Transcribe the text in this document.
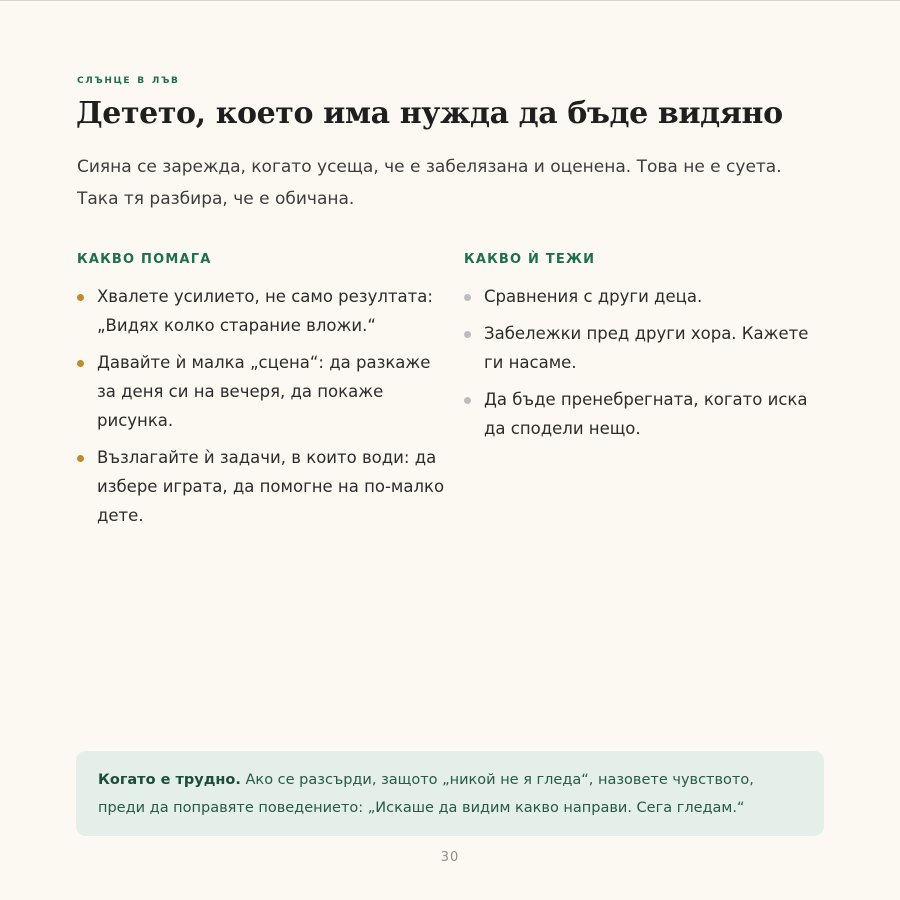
слънце в лъв
Детето, което има нужда да бъде видяно

Сияна се зарежда, когато усеща, че е забелязана и оценена. Това не е суета. Така тя разбира, че е обичана.

КАКВО ПОМАГА
Хвалете усилието, не само резултата: „Видях колко старание вложи.“
Давайте ѝ малка „сцена“: да разкаже за деня си на вечеря, да покаже рисунка.
Възлагайте ѝ задачи, в които води: да избере играта, да помогне на по-малко дете.
КАКВО Ѝ ТЕЖИ
Сравнения с други деца.
Забележки пред други хора. Кажете ги насаме.
Да бъде пренебрегната, когато иска да сподели нещо.
Когато е трудно. Ако се разсърди, защото „никой не я гледа“, назовете чувството, преди да поправяте поведението: „Искаше да видим какво направи. Сега гледам.“
30
